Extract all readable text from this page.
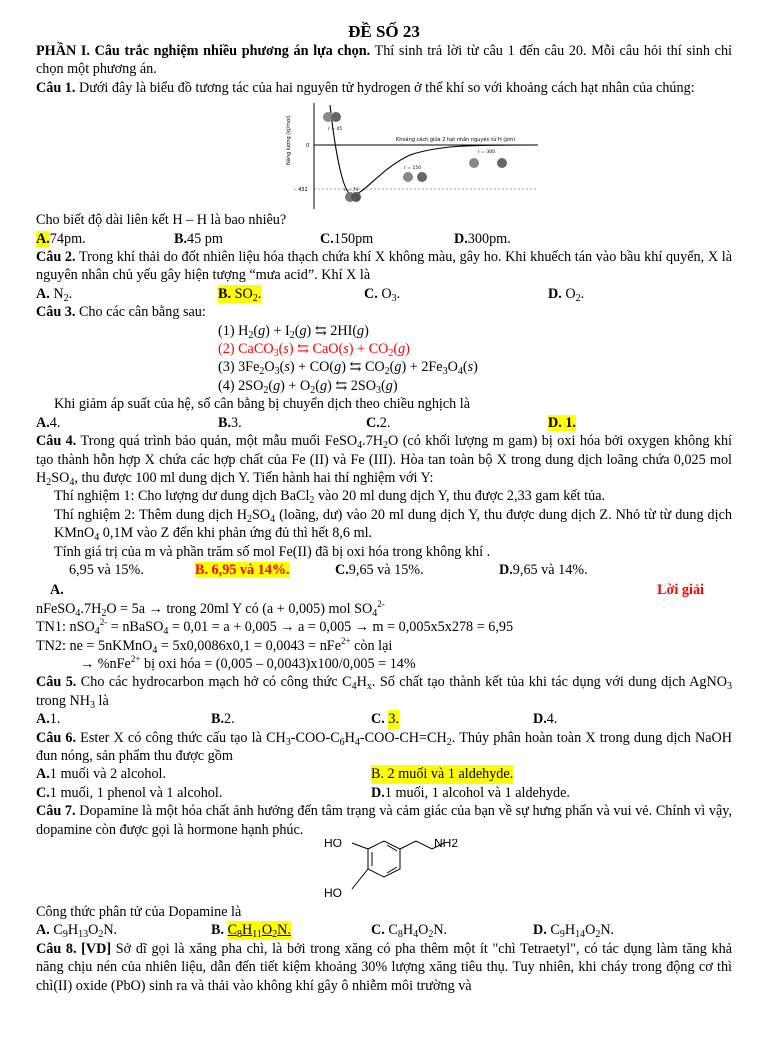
ĐỀ SỐ 23

PHẦN I. Câu trắc nghiệm nhiều phương án lựa chọn. Thí sinh trả lời từ câu 1 đến câu 20. Mỗi câu hỏi thí sinh chỉ chọn một phương án.

Câu 1. Dưới đây là biểu đồ tương tác của hai nguyên tử hydrogen ở thể khí so với khoảng cách hạt nhân của chúng:

Năng lượng (kJ/mol)	0
– 432
Khoảng cách giữa 2 hạt nhân nguyên tử H (pm)
r = 45
r = 74
r = 150
r = 300

Cho biết độ dài liên kết H – H là bao nhiêu?

A.74pm.	B.45 pm	C.150pm	D.300pm.

Câu 2. Trong khí thải do đốt nhiên liệu hóa thạch chứa khí X không màu, gây ho. Khi khuếch tán vào bầu khí quyển, X là nguyên nhân chủ yếu gây hiện tượng “mưa acid”. Khí X là

A. N2.	B. SO2.	C. O3.	D. O2.

Câu 3. Cho các cân bằng sau:

(1) $H_2(g) + I_2(g)$ ⇆ 2HI(g)

(2) CaCO$_3$(s) ⇆ $CaO(s) + CO_2(g)$

(3) $3Fe_2O_3(s) + CO(g)$ ⇆ $CO_2(g) + 2Fe_3O_4(s)$

(4) $2SO_2(g) + O_2(g)$ ⇆ $2SO_3(g)$

Khi giảm áp suất của hệ, số cân bằng bị chuyển dịch theo chiều nghịch là

A.4.	B.3.	C.2.	D. 1.

Câu 4. Trong quá trình bảo quản, một mẫu muối $FeSO_4.7H_2O$ (có khối lượng m gam) bị oxi hóa bởi oxygen không khí tạo thành hỗn hợp X chứa các hợp chất của Fe (II) và Fe (III). Hòa tan toàn bộ X trong dung dịch loãng chứa 0,025 mol $H_2SO_4$, thu được 100 ml dung dịch Y. Tiến hành hai thí nghiệm với Y:

Thí nghiệm 1: Cho lượng dư dung dịch BaCl$_2$ vào 20 ml dung dịch Y, thu được 2,33 gam kết tủa.

Thí nghiệm 2: Thêm dung dịch $H_2SO_4$ (loãng, dư) vào 20 ml dung dịch Y, thu được dung dịch Z. Nhỏ từ từ dung dịch KMnO$_4$ 0,1M vào Z đến khi phản ứng đủ thì hết 8,6 ml.

Tính giá trị của m và phần trăm số mol Fe(II) đã bị oxi hóa trong không khí .

6,95 và 15%.	B. 6,95 và 14%.	C.9,65 và 15%.	D.9,65 và 14%.
A.	Lời giải

$nFeSO_4.7H_2O = 5a$ → trong 20ml Y có (a + 0,005) mol $SO_4^{2-}$

TN1: nSO$_4^{2-}$ = nBaSO$_4$ = 0,01 = a + 0,005 → a = 0,005 → m = 0,005x5x278 = 6,95

TN2: ne = 5nKMnO$_4$ = 5x0,0086x0,1 = 0,0043 = nFe$^{2+}$ còn lại

→ %nFe$^{2+}$ bị oxi hóa = (0,005 – 0,0043)x100/0,005 = 14%

Câu 5. Cho các hydrocarbon mạch hở có công thức $C_4H_x$. Số chất tạo thành kết tủa khi tác dụng với dung dịch AgNO$_3$ trong $NH_3$ là

A.1.	B.2.	C. 3.	D.4.

Câu 6. Ester X có công thức cấu tạo là $CH_3-COO-C_6H_4-COO-CH=CH_2$. Thủy phân hoàn toàn X trong dung dịch NaOH đun nóng, sản phẩm thu được gồm

A.1 muối và 2 alcohol.	B. 2 muối và 1 aldehyde.
C.1 muối, 1 phenol và 1 alcohol.	D.1 muối, 1 alcohol và 1 aldehyde.

Câu 7. Dopamine là một hóa chất ảnh hưởng đến tâm trạng và cảm giác của bạn về sự hưng phấn và vui vẻ. Chính vì vậy, dopamine còn được gọi là hormone hạnh phúc.

HO	NH2
HO

Công thức phân tử của Dopamine là

A. C9H13O2N.	B. C8H11O2N.	C. C8H4O2N.	D. C9H14O2N.

Câu 8. [VD] Sở dĩ gọi là xăng pha chì, là bởi trong xăng có pha thêm một ít "chì Tetraetyl", có tác dụng làm tăng khả năng chịu nén của nhiên liệu, dẫn đến tiết kiệm khoảng 30% lượng xăng tiêu thụ. Tuy nhiên, khi cháy trong động cơ thì chì(II) oxide (PbO) sinh ra và thải vào không khí gây ô nhiễm môi trường và
